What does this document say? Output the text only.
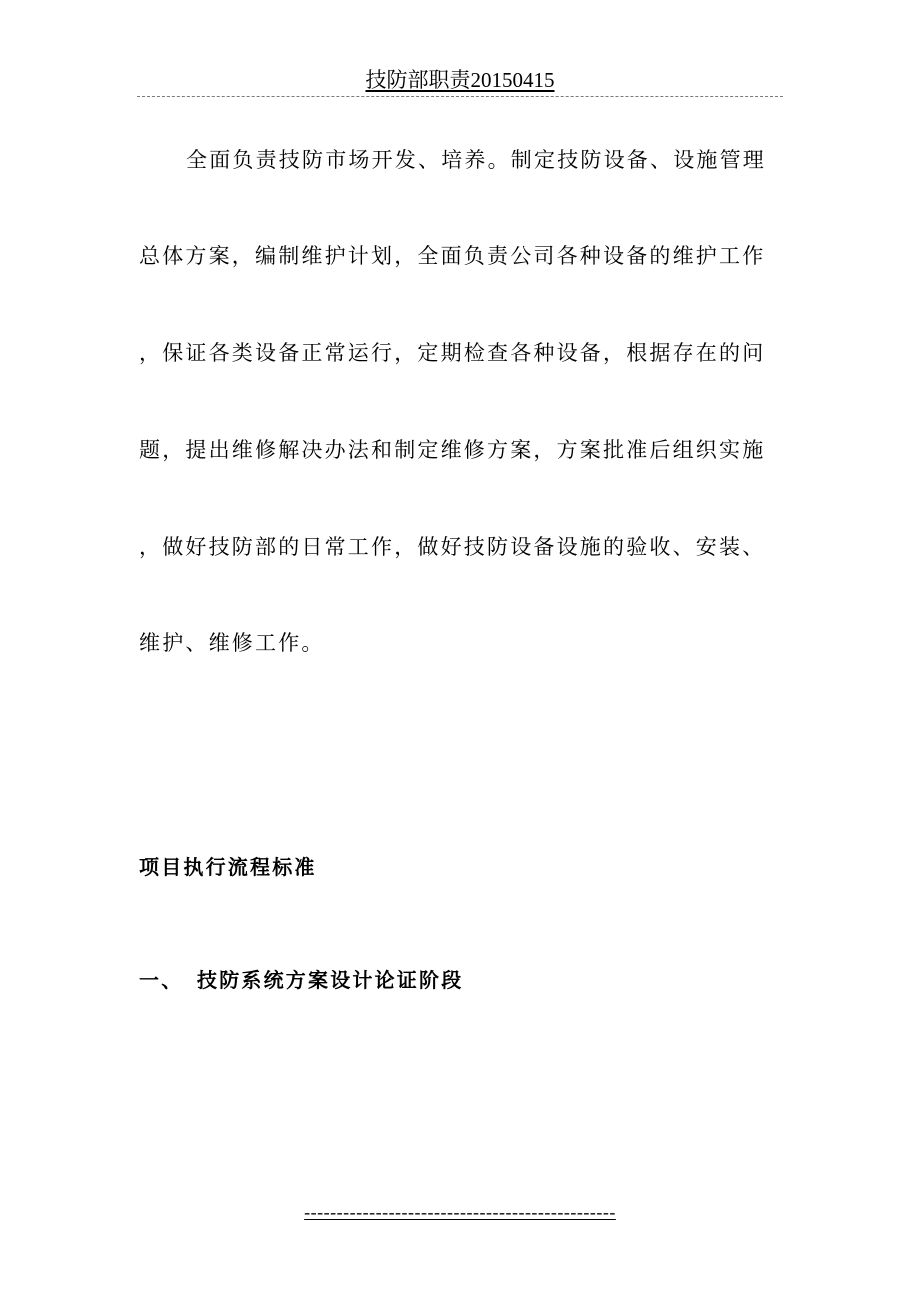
技防部职责20150415
全面负责技防市场开发、培养。制定技防设备、设施管理
总体方案，编制维护计划，全面负责公司各种设备的维护工作
，保证各类设备正常运行，定期检查各种设备，根据存在的问
题，提出维修解决办法和制定维修方案，方案批准后组织实施
，做好技防部的日常工作，做好技防设备设施的验收、安装、
维护、维修工作。
项目执行流程标准
一、 技防系统方案设计论证阶段
------------------------------------------------
